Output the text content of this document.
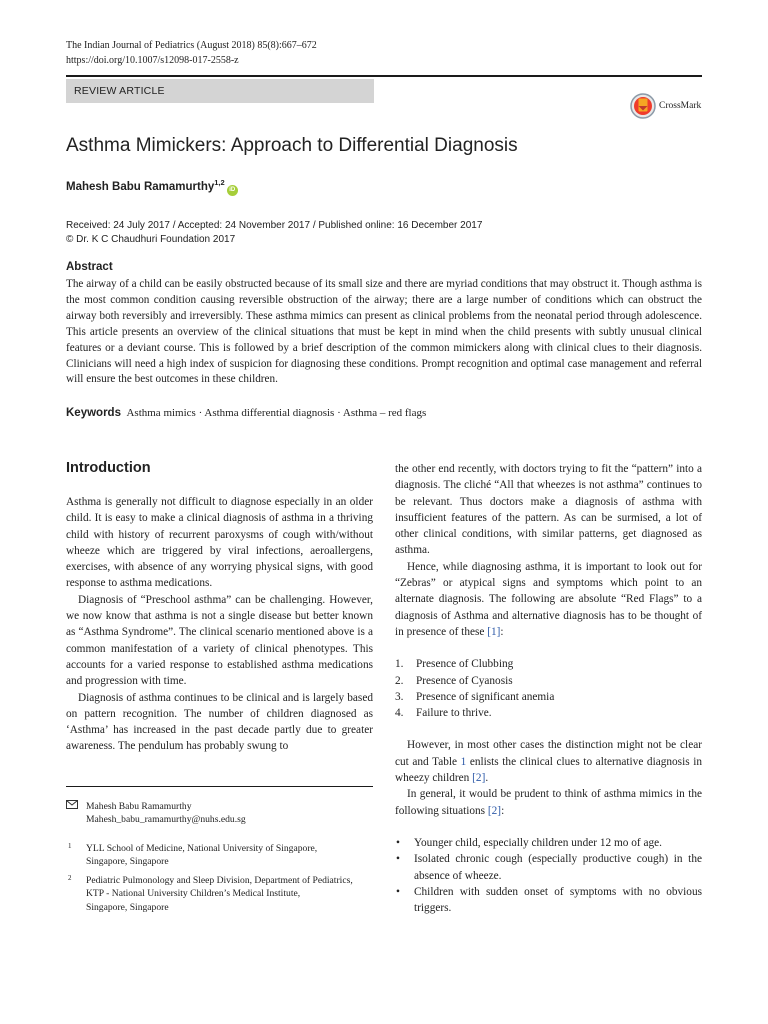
The Indian Journal of Pediatrics (August 2018) 85(8):667–672
https://doi.org/10.1007/s12098-017-2558-z
REVIEW ARTICLE
CrossMark
Asthma Mimickers: Approach to Differential Diagnosis
Mahesh Babu Ramamurthy$^{1,2}$iD
Received: 24 July 2017 / Accepted: 24 November 2017 / Published online: 16 December 2017
© Dr. K C Chaudhuri Foundation 2017
Abstract
The airway of a child can be easily obstructed because of its small size and there are myriad conditions that may obstruct it. Though asthma is the most common condition causing reversible obstruction of the airway; there are a large number of conditions which can obstruct the airway both reversibly and irreversibly. These asthma mimics can present as clinical problems from the neonatal period through adolescence. This article presents an overview of the clinical situations that must be kept in mind when the child presents with subtly unusual clinical features or a deviant course. This is followed by a brief description of the common mimickers along with clinical clues to their diagnosis. Clinicians will need a high index of suspicion for diagnosing these conditions. Prompt recognition and optimal case management and referral will ensure the best outcomes in these children.
Keywords Asthma mimics · Asthma differential diagnosis · Asthma – red flags
Introduction

Asthma is generally not difficult to diagnose especially in an older child. It is easy to make a clinical diagnosis of asthma in a thriving child with history of recurrent paroxysms of cough with/without wheeze which are triggered by viral infections, aeroallergens, exercises, with absence of any worrying physical signs, with good response to asthma medications.

Diagnosis of “Preschool asthma” can be challenging. However, we now know that asthma is not a single disease but better known as “Asthma Syndrome”. The clinical scenario mentioned above is a common manifestation of a variety of clinical phenotypes. This accounts for a varied response to established asthma medications and progression with time.

Diagnosis of asthma continues to be clinical and is largely based on pattern recognition. The number of children diagnosed as ‘Asthma’ has increased in the past decade partly due to greater awareness. The pendulum has probably swung to

the other end recently, with doctors trying to fit the “pattern” into a diagnosis. The cliché “All that wheezes is not asthma” continues to be relevant. Thus doctors make a diagnosis of asthma with insufficient features of the pattern. As can be surmised, a lot of other clinical conditions, with similar patterns, get diagnosed as asthma.

Hence, while diagnosing asthma, it is important to look out for “Zebras” or atypical signs and symptoms which point to an alternate diagnosis. The following are absolute “Red Flags” to a diagnosis of Asthma and alternative diagnosis has to be thought of in presence of these [1]:

1. Presence of Clubbing
2. Presence of Cyanosis
3. Presence of significant anemia
4. Failure to thrive.

However, in most other cases the distinction might not be clear cut and Table 1 enlists the clinical clues to alternative diagnosis in wheezy children [2].

In general, it would be prudent to think of asthma mimics in the following situations [2]:

• Younger child, especially children under 12 mo of age.
• Isolated chronic cough (especially productive cough) in the absence of wheeze.
• Children with sudden onset of symptoms with no obvious triggers.
Mahesh Babu Ramamurthy
Mahesh_babu_ramamurthy@nuhs.edu.sg
1 YLL School of Medicine, National University of Singapore,
Singapore, Singapore
2 Pediatric Pulmonology and Sleep Division, Department of Pediatrics,
KTP - National University Children’s Medical Institute,
Singapore, Singapore
